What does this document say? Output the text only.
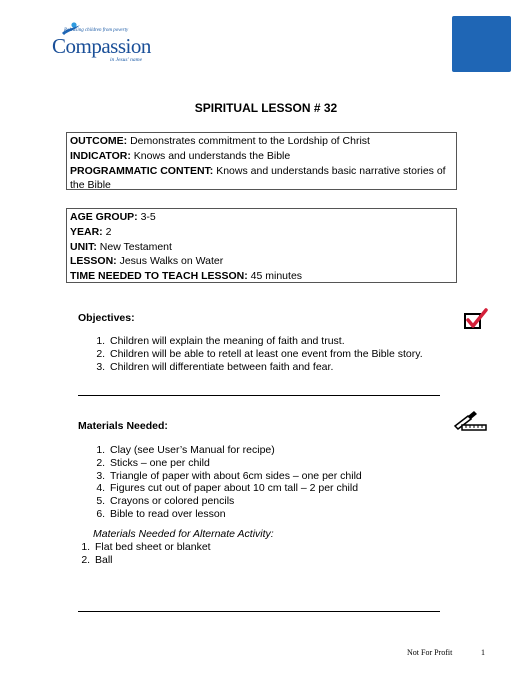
Releasing children from poverty
Compassion
in Jesus' name
SPIRITUAL LESSON # 32
OUTCOME: Demonstrates commitment to the Lordship of Christ
INDICATOR: Knows and understands the Bible
PROGRAMMATIC CONTENT: Knows and understands basic narrative stories of the Bible
AGE GROUP: 3-5
YEAR: 2
UNIT: New Testament
LESSON: Jesus Walks on Water
TIME NEEDED TO TEACH LESSON: 45 minutes
Objectives:
1. Children will explain the meaning of faith and trust.
2. Children will be able to retell at least one event from the Bible story.
3. Children will differentiate between faith and fear.
Materials Needed:
1. Clay (see User’s Manual for recipe)
2. Sticks – one per child
3. Triangle of paper with about 6cm sides – one per child
4. Figures cut out of paper about 10 cm tall – 2 per child
5. Crayons or colored pencils
6. Bible to read over lesson
Materials Needed for Alternate Activity:
1. Flat bed sheet or blanket
2. Ball
Not For Profit	1
